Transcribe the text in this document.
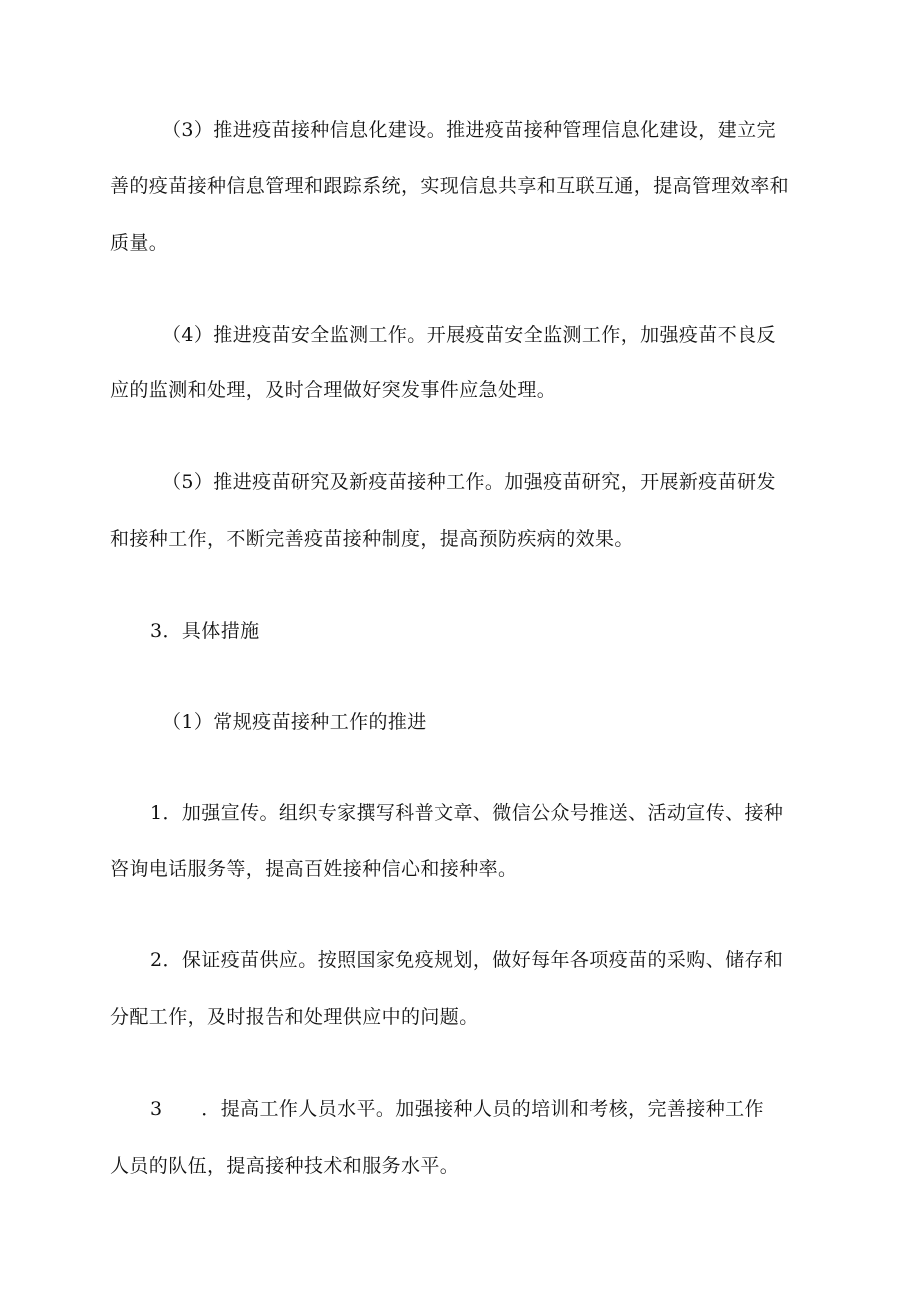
（3）推进疫苗接种信息化建设。推进疫苗接种管理信息化建设，建立完
善的疫苗接种信息管理和跟踪系统，实现信息共享和互联互通，提高管理效率和
质量。
（4）推进疫苗安全监测工作。开展疫苗安全监测工作，加强疫苗不良反
应的监测和处理，及时合理做好突发事件应急处理。
（5）推进疫苗研究及新疫苗接种工作。加强疫苗研究，开展新疫苗研发
和接种工作，不断完善疫苗接种制度，提高预防疾病的效果。
3．具体措施
（1）常规疫苗接种工作的推进
1．加强宣传。组织专家撰写科普文章、微信公众号推送、活动宣传、接种
咨询电话服务等，提高百姓接种信心和接种率。
2．保证疫苗供应。按照国家免疫规划，做好每年各项疫苗的采购、储存和
分配工作，及时报告和处理供应中的问题。
3　　．提高工作人员水平。加强接种人员的培训和考核，完善接种工作
人员的队伍，提高接种技术和服务水平。
